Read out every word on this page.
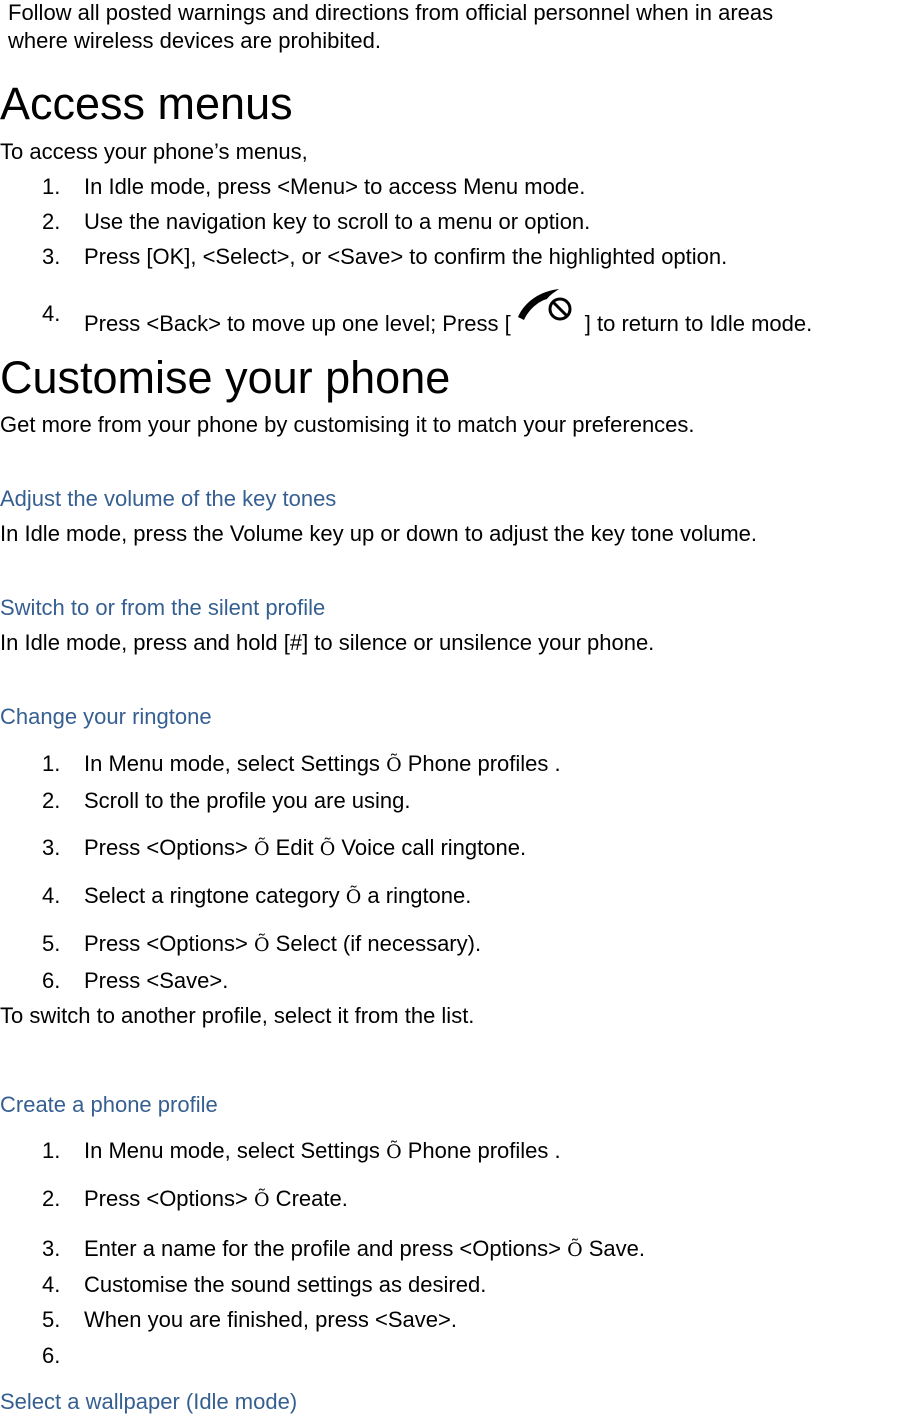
Follow all posted warnings and directions from official personnel when in areas
where wireless devices are prohibited.
Access menus
To access your phone’s menus,
1.	In Idle mode, press <Menu> to access Menu mode.
2.	Use the navigation key to scroll to a menu or option.
3.	Press [OK], <Select>, or <Save> to confirm the highlighted option.
4.	Press <Back> to move up one level; Press [	] to return to Idle mode.
Customise your phone
Get more from your phone by customising it to match your preferences.
Adjust the volume of the key tones
In Idle mode, press the Volume key up or down to adjust the key tone volume.
Switch to or from the silent profile
In Idle mode, press and hold [#] to silence or unsilence your phone.
Change your ringtone
1.	In Menu mode, select Settings Õ Phone profiles .
2.	Scroll to the profile you are using.
3.	Press <Options> Õ Edit Õ Voice call ringtone.
4.	Select a ringtone category Õ a ringtone.
5.	Press <Options> Õ Select (if necessary).
6.	Press <Save>.
To switch to another profile, select it from the list.
Create a phone profile
1.	In Menu mode, select Settings Õ Phone profiles .
2.	Press <Options> Õ Create.
3.	Enter a name for the profile and press <Options> Õ Save.
4.	Customise the sound settings as desired.
5.	When you are finished, press <Save>.
6.
Select a wallpaper (Idle mode)
